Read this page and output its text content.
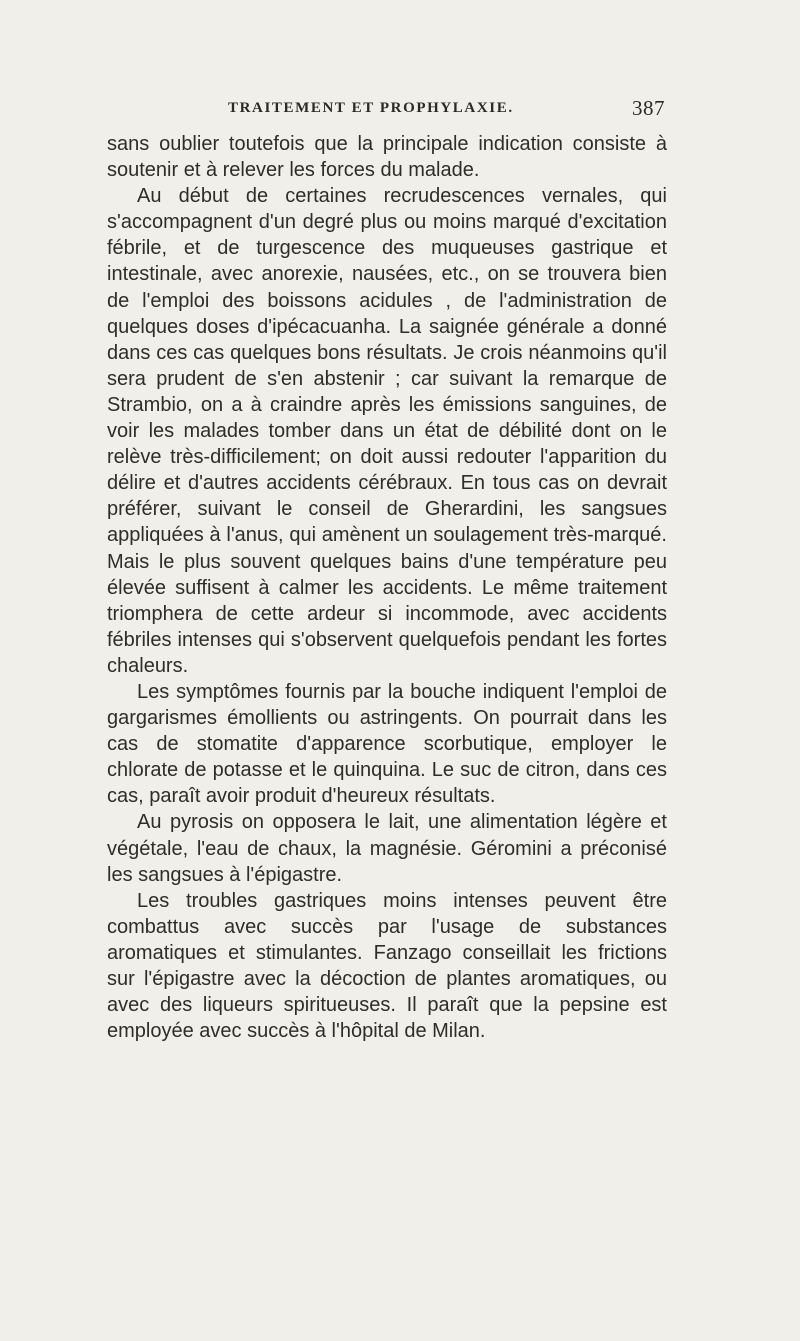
TRAITEMENT ET PROPHYLAXIE.	387

sans oublier toutefois que la principale indication consiste à soutenir et à relever les forces du malade.

Au début de certaines recrudescences vernales, qui s'accompagnent d'un degré plus ou moins marqué d'excitation fébrile, et de turgescence des muqueuses gastrique et intestinale, avec anorexie, nausées, etc., on se trouvera bien de l'emploi des boissons acidules , de l'administration de quelques doses d'ipécacuanha. La saignée générale a donné dans ces cas quelques bons résultats. Je crois néanmoins qu'il sera prudent de s'en abstenir ; car suivant la remarque de Strambio, on a à craindre après les émissions sanguines, de voir les malades tomber dans un état de débilité dont on le relève très-difficilement; on doit aussi redouter l'apparition du délire et d'autres accidents cérébraux. En tous cas on devrait préférer, suivant le conseil de Gherardini, les sangsues appliquées à l'anus, qui amènent un soulagement très-marqué. Mais le plus souvent quelques bains d'une température peu élevée suffisent à calmer les accidents. Le même traitement triomphera de cette ardeur si incommode, avec accidents fébriles intenses qui s'observent quelquefois pendant les fortes chaleurs.

Les symptômes fournis par la bouche indiquent l'emploi de gargarismes émollients ou astringents. On pourrait dans les cas de stomatite d'apparence scorbutique, employer le chlorate de potasse et le quinquina. Le suc de citron, dans ces cas, paraît avoir produit d'heureux résultats.

Au pyrosis on opposera le lait, une alimentation légère et végétale, l'eau de chaux, la magnésie. Géromini a préconisé les sangsues à l'épigastre.

Les troubles gastriques moins intenses peuvent être combattus avec succès par l'usage de substances aromatiques et stimulantes. Fanzago conseillait les frictions sur l'épigastre avec la décoction de plantes aromatiques, ou avec des liqueurs spiritueuses. Il paraît que la pepsine est employée avec succès à l'hôpital de Milan.
